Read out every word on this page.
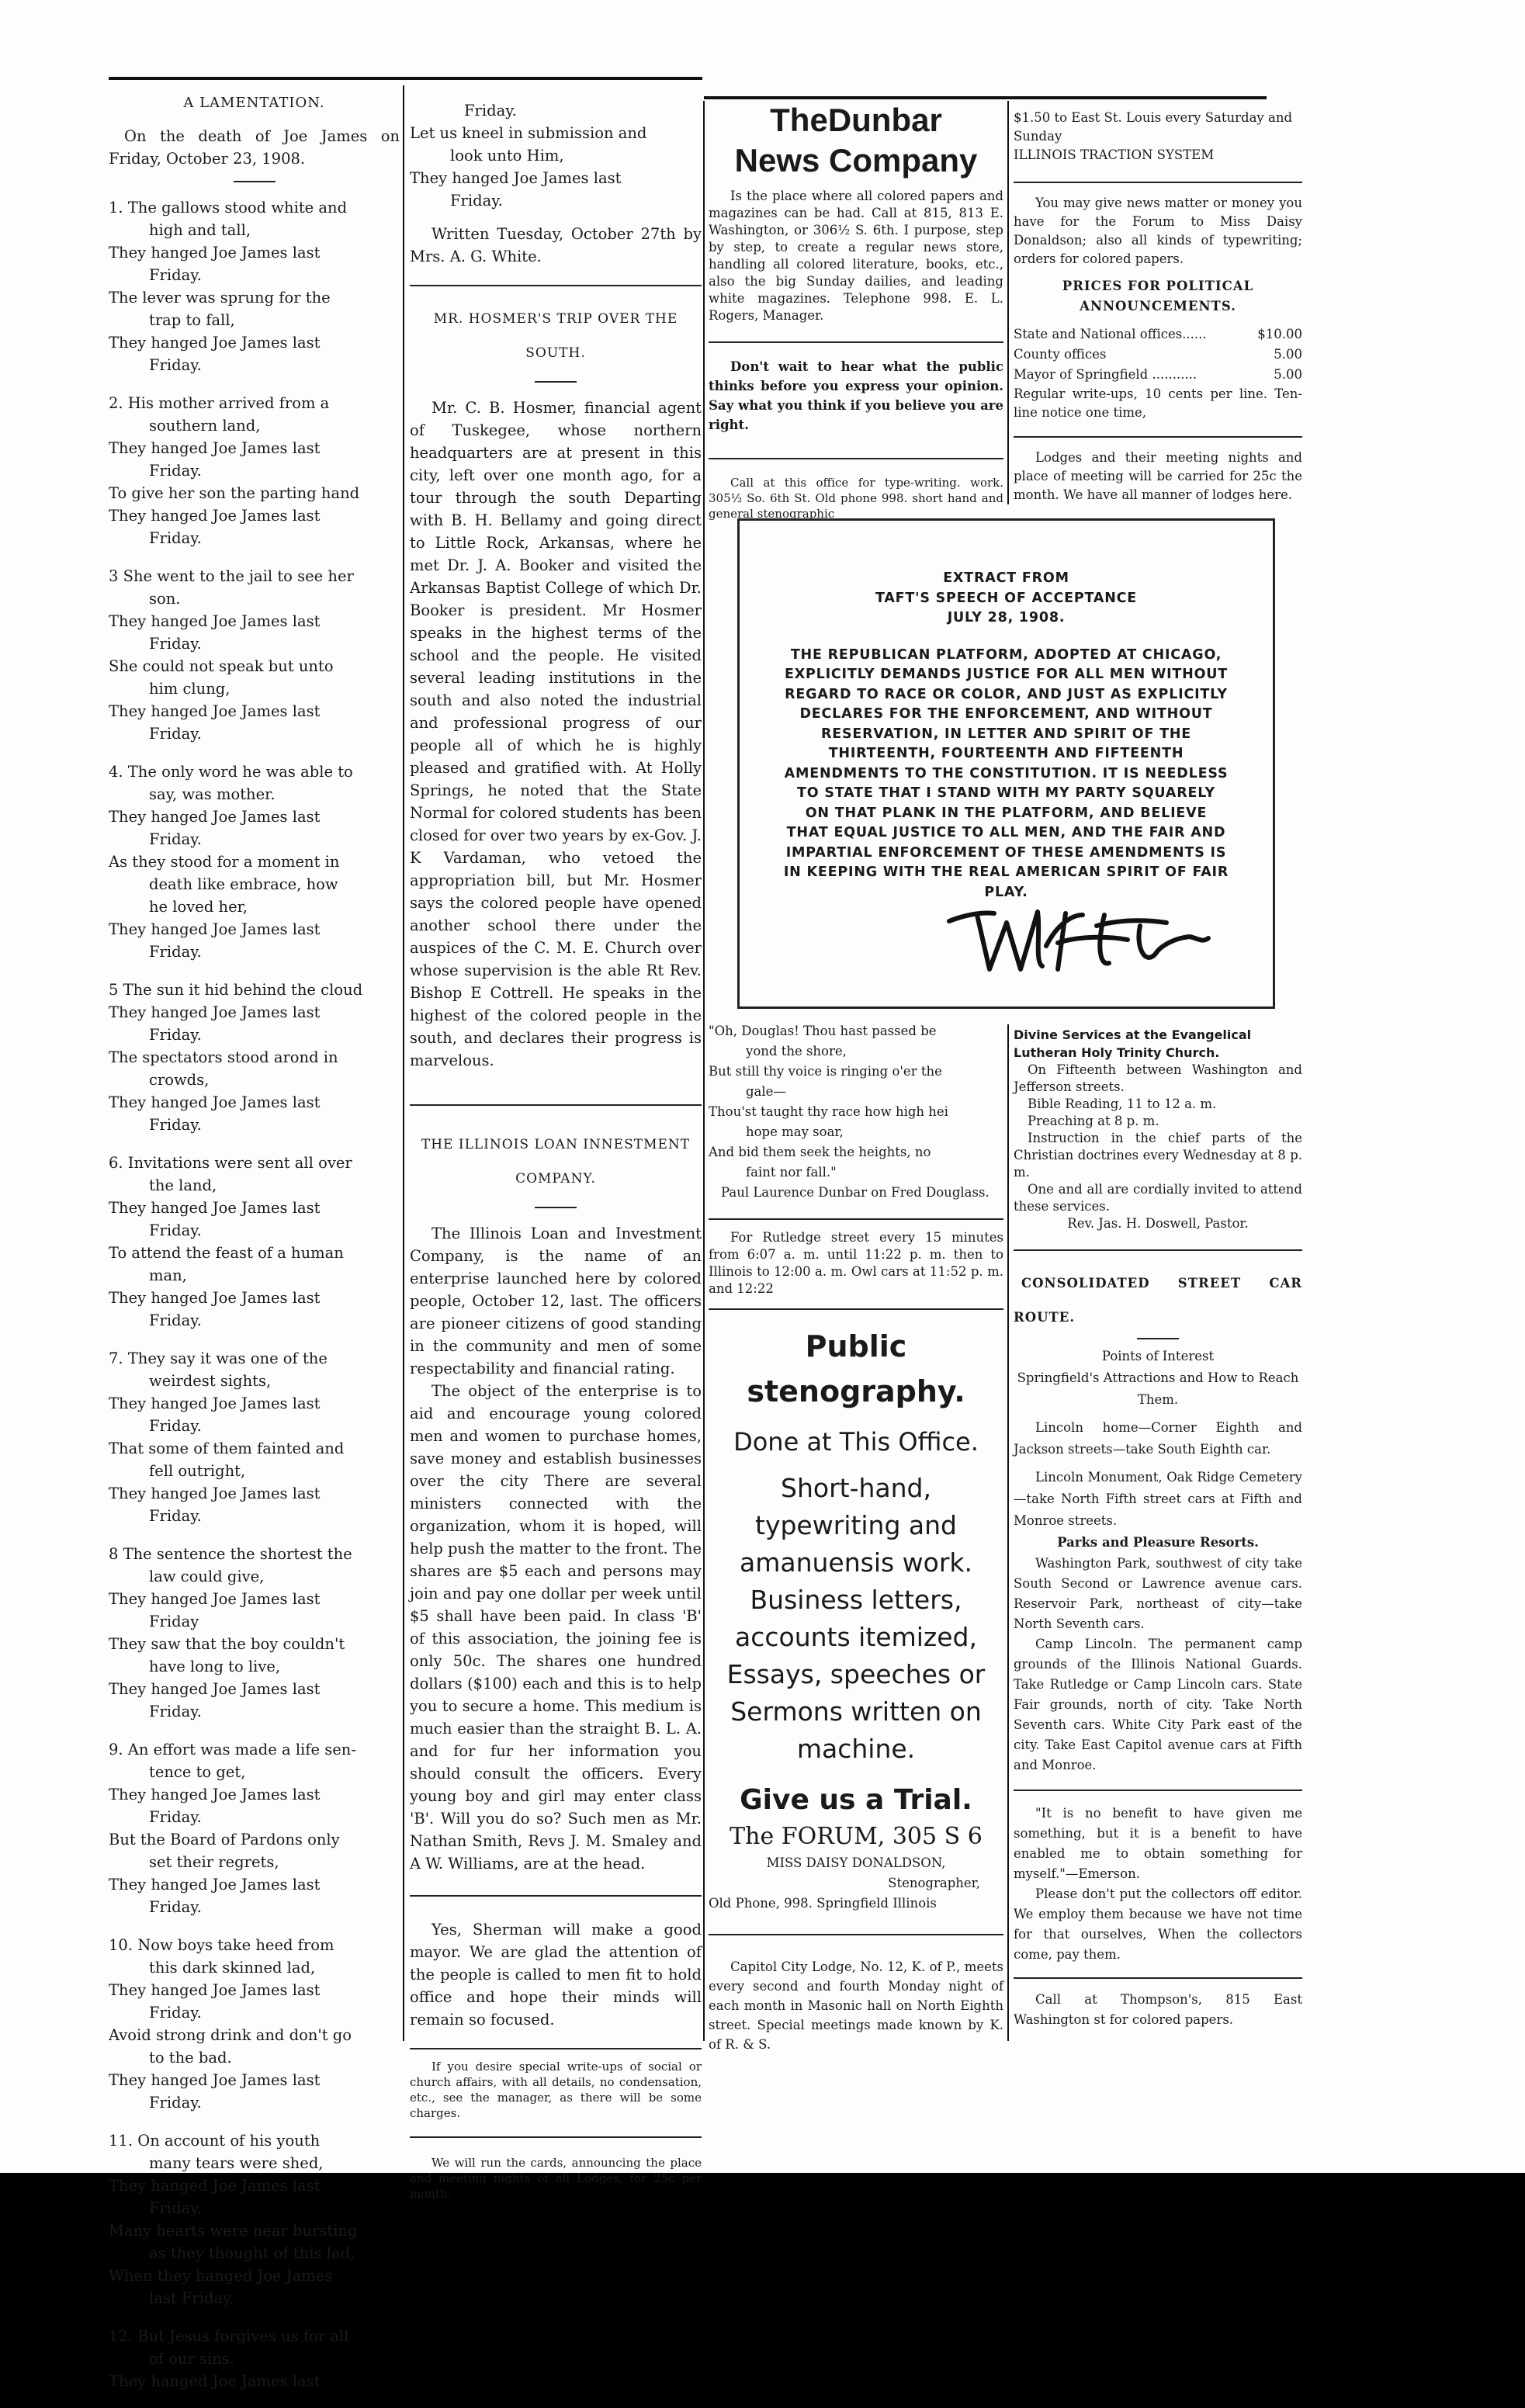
A LAMENTATION.

On the death of Joe James on Friday, October 23, 1908.

1. The gallows stood white and
high and tall,
They hanged Joe James last
Friday.
The lever was sprung for the
trap to fall,
They hanged Joe James last
Friday.
2. His mother arrived from a
southern land,
They hanged Joe James last
Friday.
To give her son the parting hand
They hanged Joe James last
Friday.
3 She went to the jail to see her
son.
They hanged Joe James last
Friday.
She could not speak but unto
him clung,
They hanged Joe James last
Friday.
4. The only word he was able to
say, was mother.
They hanged Joe James last
Friday.
As they stood for a moment in
death like embrace, how
he loved her,
They hanged Joe James last
Friday.
5 The sun it hid behind the cloud
They hanged Joe James last
Friday.
The spectators stood arond in
crowds,
They hanged Joe James last
Friday.
6. Invitations were sent all over
the land,
They hanged Joe James last
Friday.
To attend the feast of a human
man,
They hanged Joe James last
Friday.
7. They say it was one of the
weirdest sights,
They hanged Joe James last
Friday.
That some of them fainted and
fell outright,
They hanged Joe James last
Friday.
8 The sentence the shortest the
law could give,
They hanged Joe James last
Friday
They saw that the boy couldn't
have long to live,
They hanged Joe James last
Friday.
9. An effort was made a life sen-
tence to get,
They hanged Joe James last
Friday.
But the Board of Pardons only
set their regrets,
They hanged Joe James last
Friday.
10. Now boys take heed from
this dark skinned lad,
They hanged Joe James last
Friday.
Avoid strong drink and don't go
to the bad.
They hanged Joe James last
Friday.
11. On account of his youth
many tears were shed,
They hanged Joe James last
Friday.
Many hearts were near bursting
as they thought of this lad,
When they hanged Joe James
last Friday.
12. But Jesus forgives us for all
of our sins.
They hanged Joe James last
Friday.
Let us kneel in submission and
look unto Him,
They hanged Joe James last
Friday.

Written Tuesday, October 27th by Mrs. A. G. White.

MR. HOSMER'S TRIP OVER THE SOUTH.

Mr. C. B. Hosmer, financial agent of Tuskegee, whose northern headquarters are at present in this city, left over one month ago, for a tour through the south Departing with B. H. Bellamy and going direct to Little Rock, Arkansas, where he met Dr. J. A. Booker and visited the Arkansas Baptist College of which Dr. Booker is president. Mr Hosmer speaks in the highest terms of the school and the people. He visited several leading institutions in the south and also noted the industrial and professional progress of our people all of which he is highly pleased and gratified with. At Holly Springs, he noted that the State Normal for colored students has been closed for over two years by ex-Gov. J. K Vardaman, who vetoed the appropriation bill, but Mr. Hosmer says the colored people have opened another school there under the auspices of the C. M. E. Church over whose supervision is the able Rt Rev. Bishop E Cottrell. He speaks in the highest of the colored people in the south, and declares their progress is marvelous.

THE ILLINOIS LOAN INNESTMENT COMPANY.

The Illinois Loan and Investment Company, is the name of an enterprise launched here by colored people, October 12, last. The officers are pioneer citizens of good standing in the community and men of some respectability and financial rating.

The object of the enterprise is to aid and encourage young colored men and women to purchase homes, save money and establish businesses over the city There are several ministers connected with the organization, whom it is hoped, will help push the matter to the front. The shares are $5 each and persons may join and pay one dollar per week until $5 shall have been paid. In class 'B' of this association, the joining fee is only 50c. The shares one hundred dollars ($100) each and this is to help you to secure a home. This medium is much easier than the straight B. L. A. and for fur her information you should consult the officers. Every young boy and girl may enter class 'B'. Will you do so? Such men as Mr. Nathan Smith, Revs J. M. Smaley and A W. Williams, are at the head.

Yes, Sherman will make a good mayor. We are glad the attention of the people is called to men fit to hold office and hope their minds will remain so focused.

If you desire special write-ups of social or church affairs, with all details, no condensation, etc., see the manager, as there will be some charges.

We will run the cards, announcing the place and meeting nights of all Lodges, for 25c per month.

TheDunbar
News Company

Is the place where all colored papers and magazines can be had. Call at 815, 813 E. Washington, or 306½ S. 6th. I purpose, step by step, to create a regular news store, handling all colored literature, books, etc., also the big Sunday dailies, and leading white magazines. Telephone 998. E. L. Rogers, Manager.

Don't wait to hear what the public thinks before you express your opinion. Say what you think if you believe you are right.

Call at this office for type-writing. work. 305½ So. 6th St. Old phone 998. short hand and general stenographic

$1.50 to East St. Louis every Saturday and Sunday

ILLINOIS TRACTION SYSTEM

You may give news matter or money you have for the Forum to Miss Daisy Donaldson; also all kinds of typewriting; orders for colored papers.

PRICES FOR POLITICAL ANNOUNCEMENTS.

State and National offices......	$10.00
County offices	5.00
Mayor of Springfield ...........	5.00

Regular write-ups, 10 cents per line. Ten-line notice one time,

Lodges and their meeting nights and place of meeting will be carried for 25c the month. We have all manner of lodges here.

EXTRACT FROM
TAFT'S SPEECH OF ACCEPTANCE
JULY 28, 1908.
THE REPUBLICAN PLATFORM, ADOPTED AT CHICAGO, EXPLICITLY DEMANDS JUSTICE FOR ALL MEN WITHOUT REGARD TO RACE OR COLOR, AND JUST AS EXPLICITLY DECLARES FOR THE ENFORCEMENT, AND WITHOUT RESERVATION, IN LETTER AND SPIRIT OF THE THIRTEENTH, FOURTEENTH AND FIFTEENTH AMENDMENTS TO THE CONSTITUTION. IT IS NEEDLESS TO STATE THAT I STAND WITH MY PARTY SQUARELY ON THAT PLANK IN THE PLATFORM, AND BELIEVE THAT EQUAL JUSTICE TO ALL MEN, AND THE FAIR AND IMPARTIAL ENFORCEMENT OF THESE AMENDMENTS IS IN KEEPING WITH THE REAL AMERICAN SPIRIT OF FAIR PLAY.
"Oh, Douglas! Thou hast passed be
yond the shore,
But still thy voice is ringing o'er the
gale—
Thou'st taught thy race how high hei
hope may soar,
And bid them seek the heights, no
faint nor fall."

Paul Laurence Dunbar on Fred Douglass.

For Rutledge street every 15 minutes from 6:07 a. m. until 11:22 p. m. then to Illinois to 12:00 a. m. Owl cars at 11:52 p. m. and 12:22

Public stenography.

Done at This Office.

Short-hand, typewriting and amanuensis work. Business letters, accounts itemized, Essays, speeches or Sermons written on machine.

Give us a Trial.

The FORUM, 305 S 6

MISS DAISY DONALDSON,

Stenographer,

Old Phone, 998. Springfield Illinois

Capitol City Lodge, No. 12, K. of P., meets every second and fourth Monday night of each month in Masonic hall on North Eighth street. Special meetings made known by K. of R. & S.

Divine Services at the Evangelical Lutheran Holy Trinity Church.

On Fifteenth between Washington and Jefferson streets.

Bible Reading, 11 to 12 a. m.

Preaching at 8 p. m.

Instruction in the chief parts of the Christian doctrines every Wednesday at 8 p. m.

One and all are cordially invited to attend these services.

Rev. Jas. H. Doswell, Pastor.

CONSOLIDATED STREET CAR ROUTE.

Points of Interest

Springfield's Attractions and How to Reach Them.

Lincoln home—Corner Eighth and Jackson streets—take South Eighth car.

Lincoln Monument, Oak Ridge Cemetery—take North Fifth street cars at Fifth and Monroe streets.

Parks and Pleasure Resorts.

Washington Park, southwest of city take South Second or Lawrence avenue cars. Reservoir Park, northeast of city—take North Seventh cars.

Camp Lincoln. The permanent camp grounds of the Illinois National Guards. Take Rutledge or Camp Lincoln cars. State Fair grounds, north of city. Take North Seventh cars. White City Park east of the city. Take East Capitol avenue cars at Fifth and Monroe.

"It is no benefit to have given me something, but it is a benefit to have enabled me to obtain something for myself."—Emerson.

Please don't put the collectors off editor. We employ them because we have not time for that ourselves, When the collectors come, pay them.

Call at Thompson's, 815 East Washington st for colored papers.
